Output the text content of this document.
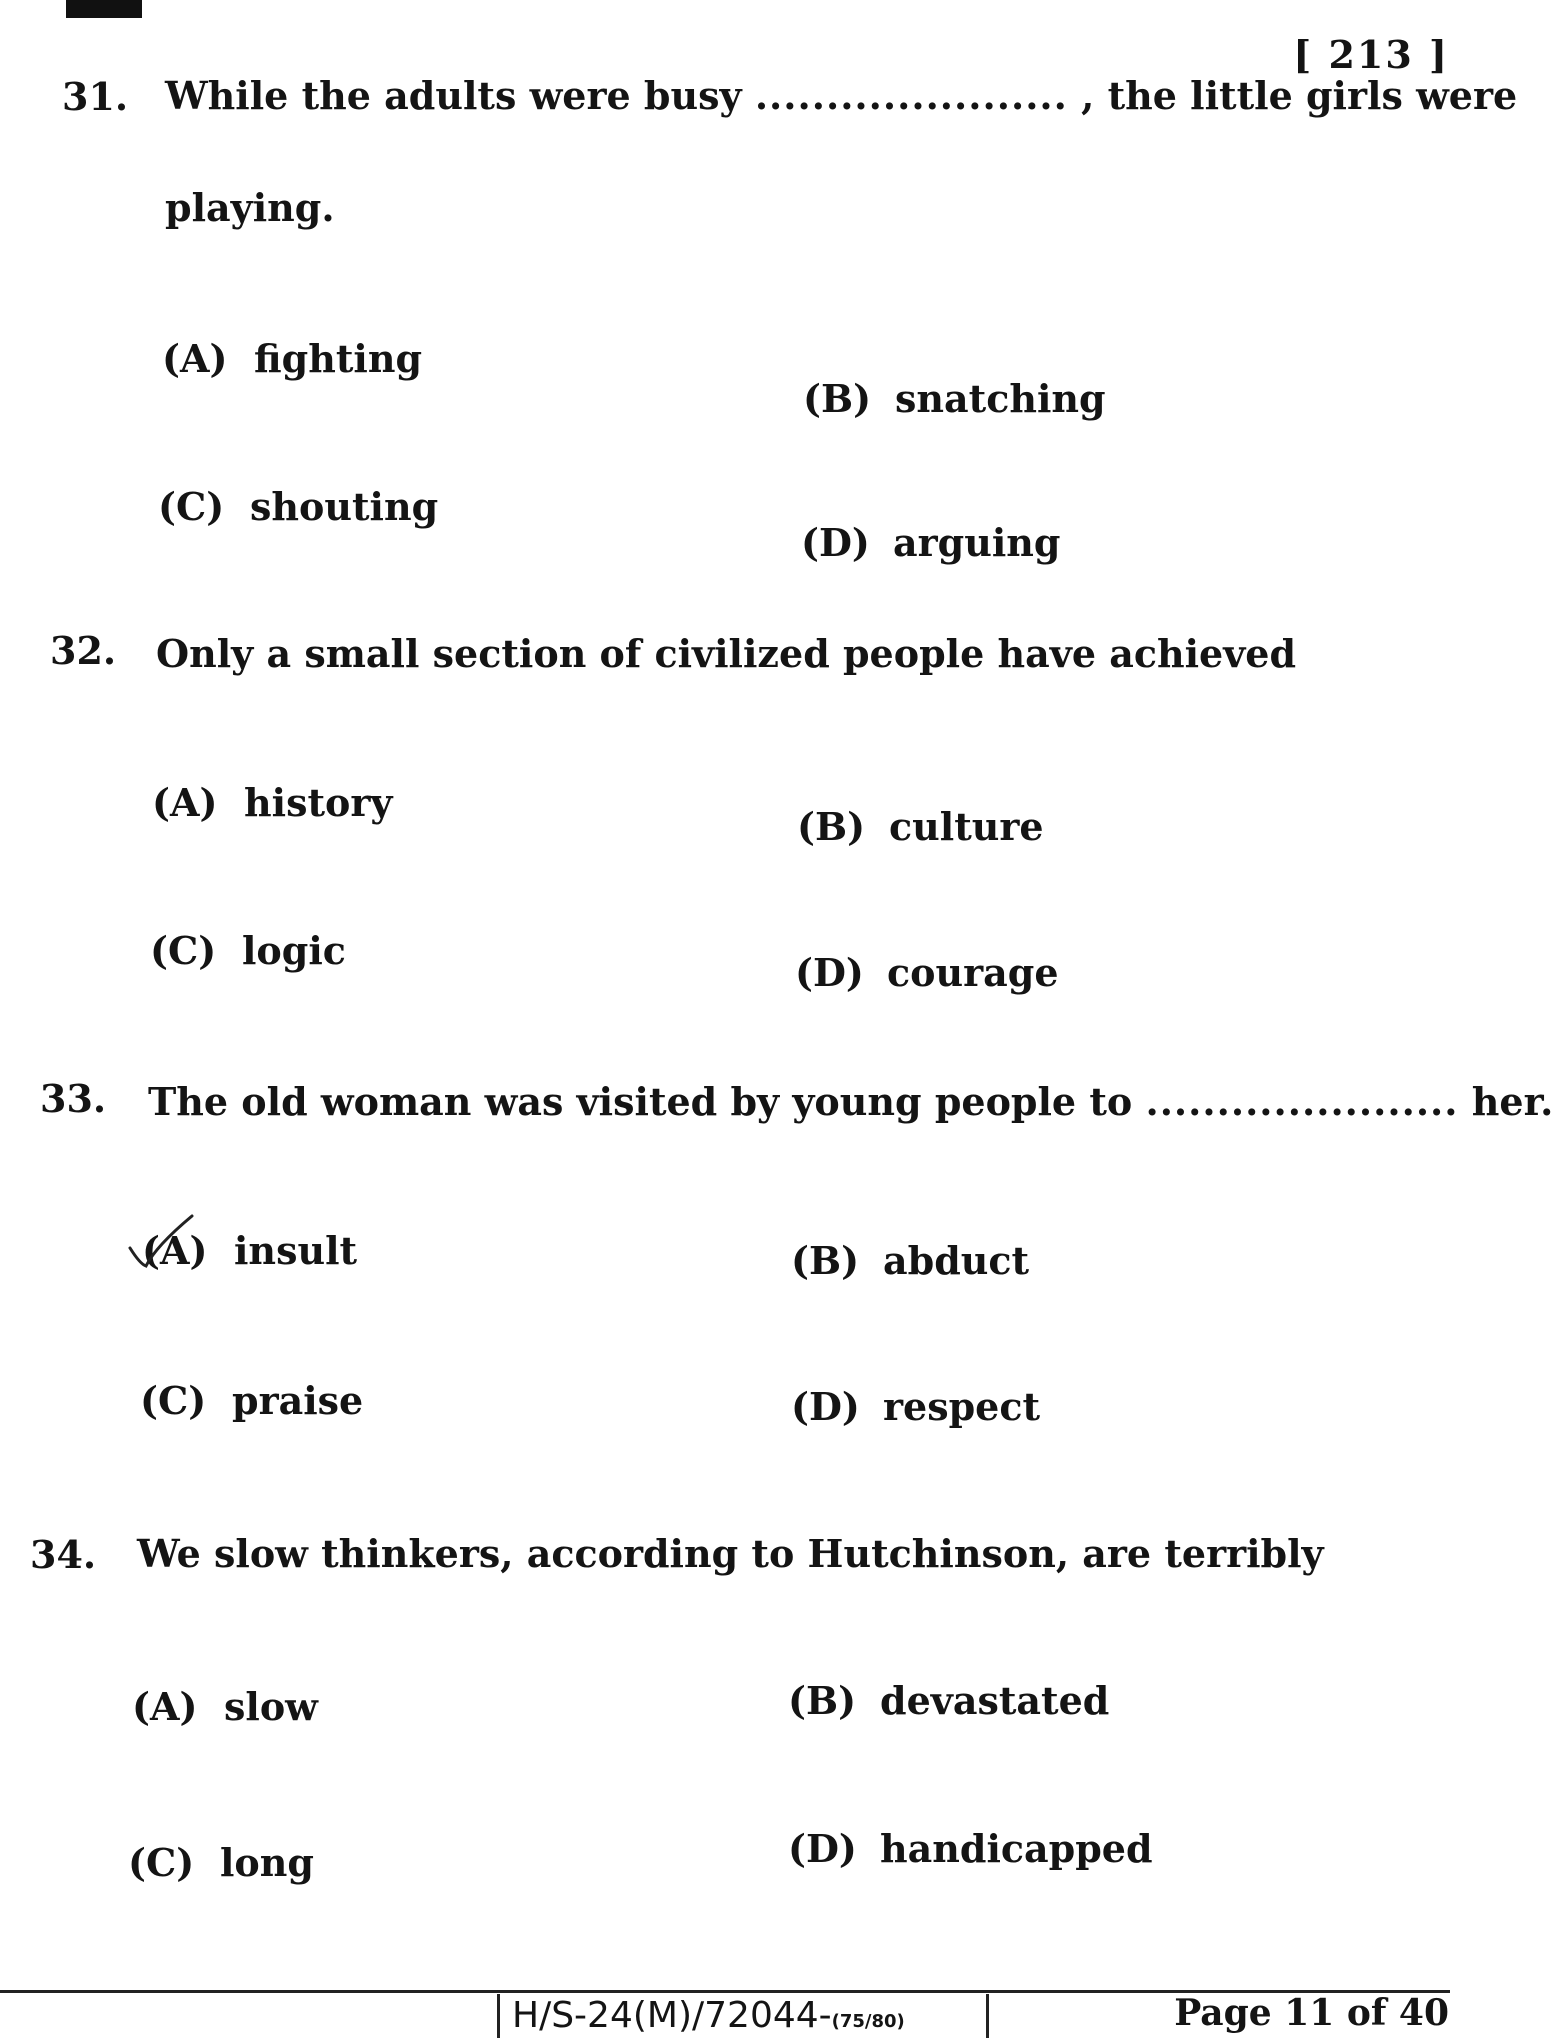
[ 213 ]
31. While the adults were busy ...................... , the little girls were
playing.
(A) fighting
(B) snatching
(C) shouting
(D) arguing
32. Only a small section of civilized people have achieved
(A) history
(B) culture
(C) logic	(D) courage
33. The old woman was visited by young people to ...................... her.
(A) insult	(B) abduct
(C) praise	(D) respect
34. We slow thinkers, according to Hutchinson, are terribly
(A) slow	(B) devastated
(C) long	(D) handicapped
H/S-24(M)/72044-(75/80)	Page 11 of 40
